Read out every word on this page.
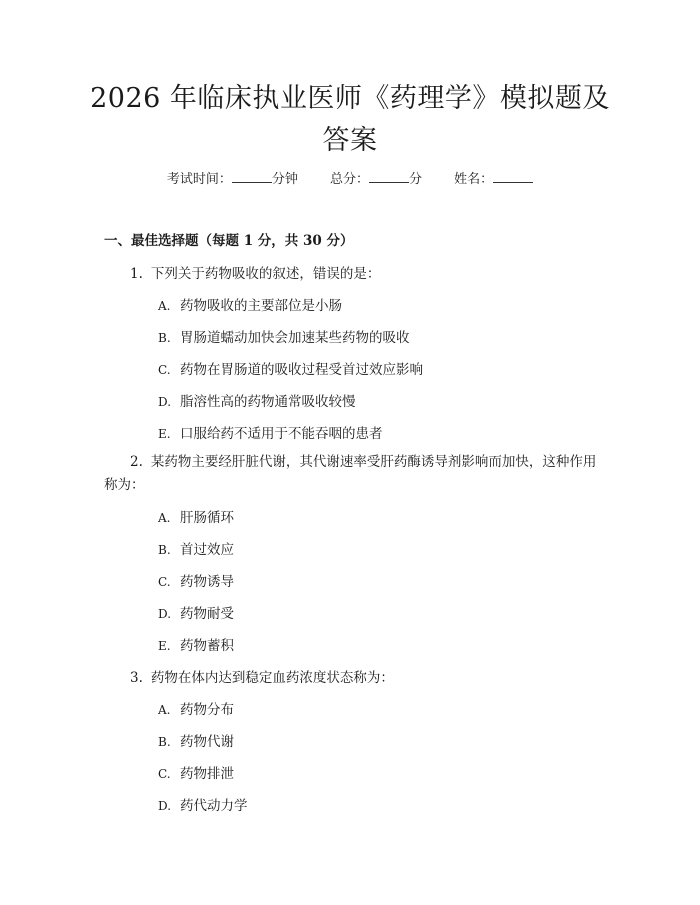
2026 年临床执业医师《药理学》模拟题及答案
考试时间：	分钟 总分：	分 姓名：
一、最佳选择题（每题 1 分，共 30 分）
1. 下列关于药物吸收的叙述，错误的是：
A. 药物吸收的主要部位是小肠
B. 胃肠道蠕动加快会加速某些药物的吸收
C. 药物在胃肠道的吸收过程受首过效应影响
D. 脂溶性高的药物通常吸收较慢
E. 口服给药不适用于不能吞咽的患者
2. 某药物主要经肝脏代谢，其代谢速率受肝药酶诱导剂影响而加快，这种作用称为：
A. 肝肠循环
B. 首过效应
C. 药物诱导
D. 药物耐受
E. 药物蓄积
3. 药物在体内达到稳定血药浓度状态称为：
A. 药物分布
B. 药物代谢
C. 药物排泄
D. 药代动力学
